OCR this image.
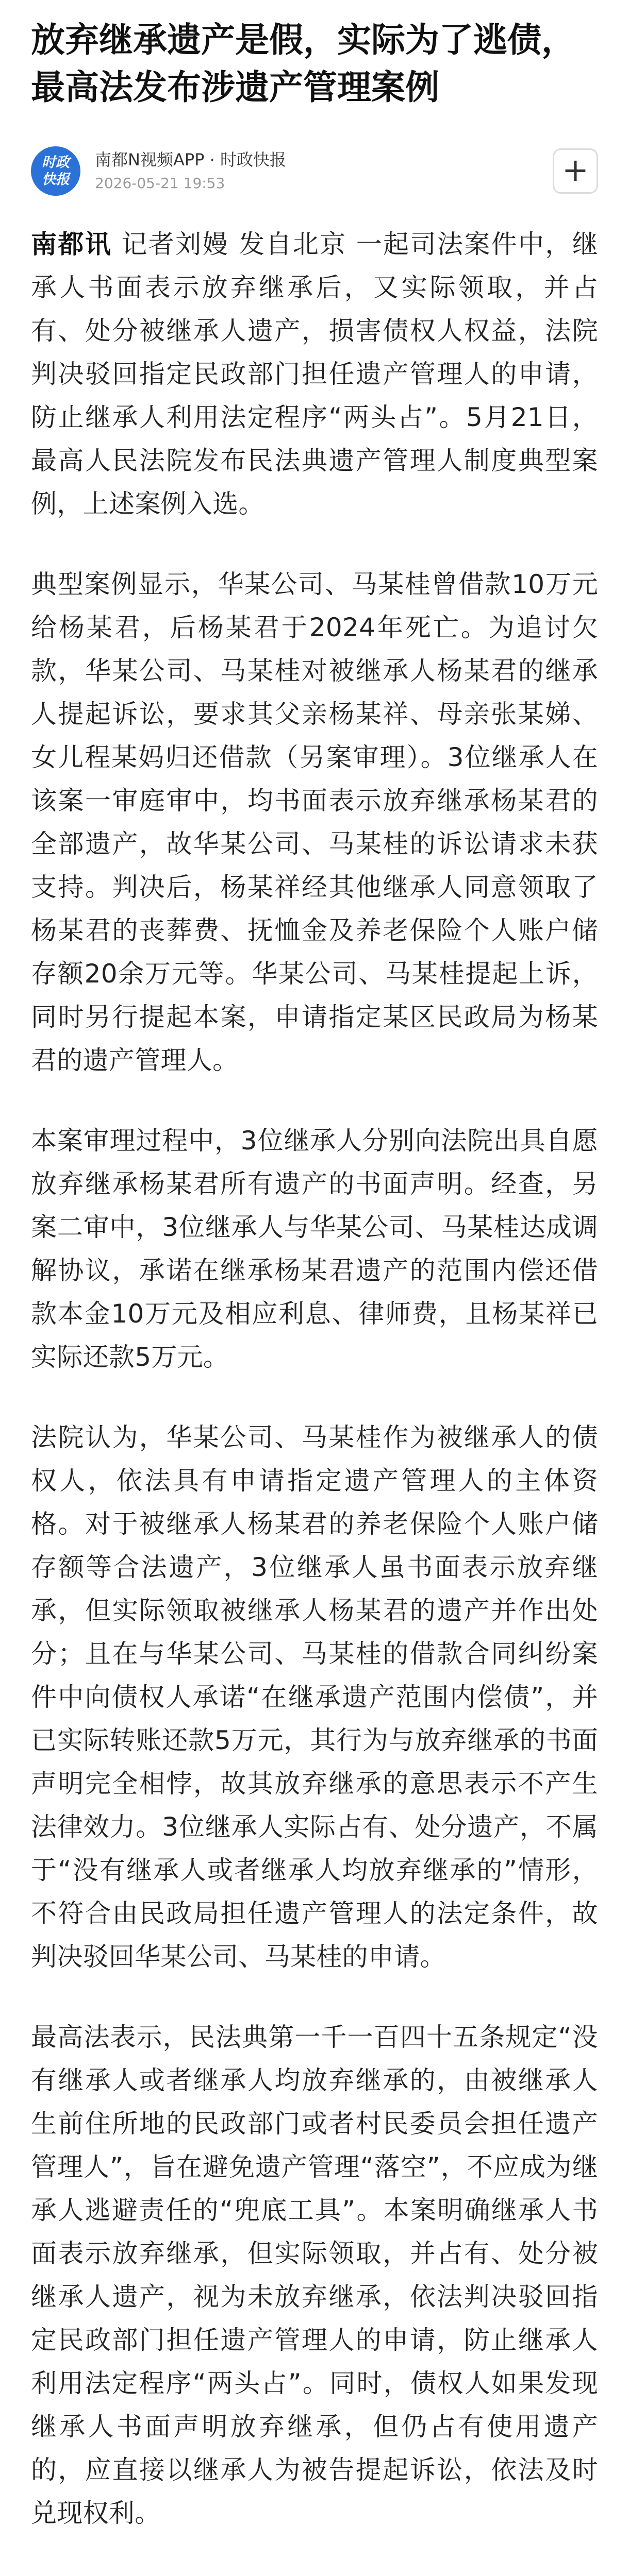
放弃继承遗产是假，实际为了逃债，最高法发布涉遗产管理案例
时政
快报
南都N视频APP · 时政快报
2026-05-21 19:53	+

南都讯 记者刘嫚 发自北京 一起司法案件中，继承人书面表示放弃继承后，又实际领取，并占有、处分被继承人遗产，损害债权人权益，法院判决驳回指定民政部门担任遗产管理人的申请，防止继承人利用法定程序“两头占”。5月21日，最高人民法院发布民法典遗产管理人制度典型案例，上述案例入选。

典型案例显示，华某公司、马某桂曾借款10万元给杨某君，后杨某君于2024年死亡。为追讨欠款，华某公司、马某桂对被继承人杨某君的继承人提起诉讼，要求其父亲杨某祥、母亲张某娣、女儿程某妈归还借款（另案审理）。3位继承人在该案一审庭审中，均书面表示放弃继承杨某君的全部遗产，故华某公司、马某桂的诉讼请求未获支持。判决后，杨某祥经其他继承人同意领取了杨某君的丧葬费、抚恤金及养老保险个人账户储存额20余万元等。华某公司、马某桂提起上诉，同时另行提起本案，申请指定某区民政局为杨某君的遗产管理人。

本案审理过程中，3位继承人分别向法院出具自愿放弃继承杨某君所有遗产的书面声明。经查，另案二审中，3位继承人与华某公司、马某桂达成调解协议，承诺在继承杨某君遗产的范围内偿还借款本金10万元及相应利息、律师费，且杨某祥已实际还款5万元。

法院认为，华某公司、马某桂作为被继承人的债权人，依法具有申请指定遗产管理人的主体资格。对于被继承人杨某君的养老保险个人账户储存额等合法遗产，3位继承人虽书面表示放弃继承，但实际领取被继承人杨某君的遗产并作出处分；且在与华某公司、马某桂的借款合同纠纷案件中向债权人承诺“在继承遗产范围内偿债”，并已实际转账还款5万元，其行为与放弃继承的书面声明完全相悖，故其放弃继承的意思表示不产生法律效力。3位继承人实际占有、处分遗产，不属于“没有继承人或者继承人均放弃继承的”情形，不符合由民政局担任遗产管理人的法定条件，故判决驳回华某公司、马某桂的申请。

最高法表示，民法典第一千一百四十五条规定“没有继承人或者继承人均放弃继承的，由被继承人生前住所地的民政部门或者村民委员会担任遗产管理人”，旨在避免遗产管理“落空”，不应成为继承人逃避责任的“兜底工具”。本案明确继承人书面表示放弃继承，但实际领取，并占有、处分被继承人遗产，视为未放弃继承，依法判决驳回指定民政部门担任遗产管理人的申请，防止继承人利用法定程序“两头占”。同时，债权人如果发现继承人书面声明放弃继承，但仍占有使用遗产的，应直接以继承人为被告提起诉讼，依法及时兑现权利。
